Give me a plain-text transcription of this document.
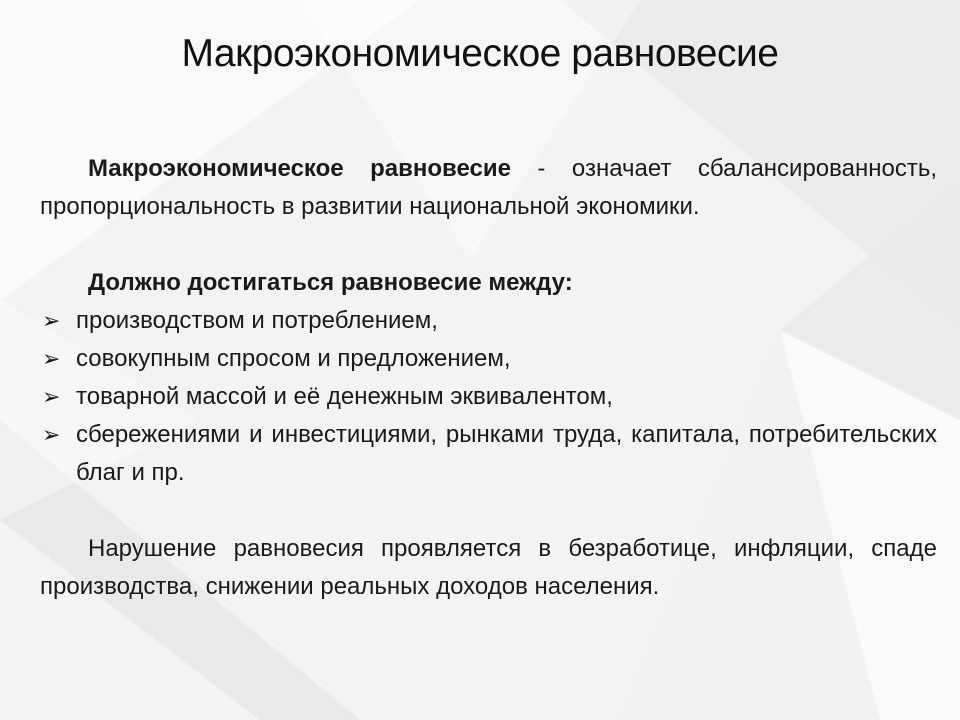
Макроэкономическое равновесие

Макроэкономическое равновесие - означает сбалансированность, пропорциональность в развитии национальной экономики.

Должно достигаться равновесие между:

➢ производством и потреблением,
➢ совокупным спросом и предложением,
➢ товарной массой и её денежным эквивалентом,
➢ сбережениями и инвестициями, рынками труда, капитала, потребительских благ и пр.

Нарушение равновесия проявляется в безработице, инфляции, спаде производства, снижении реальных доходов населения.
